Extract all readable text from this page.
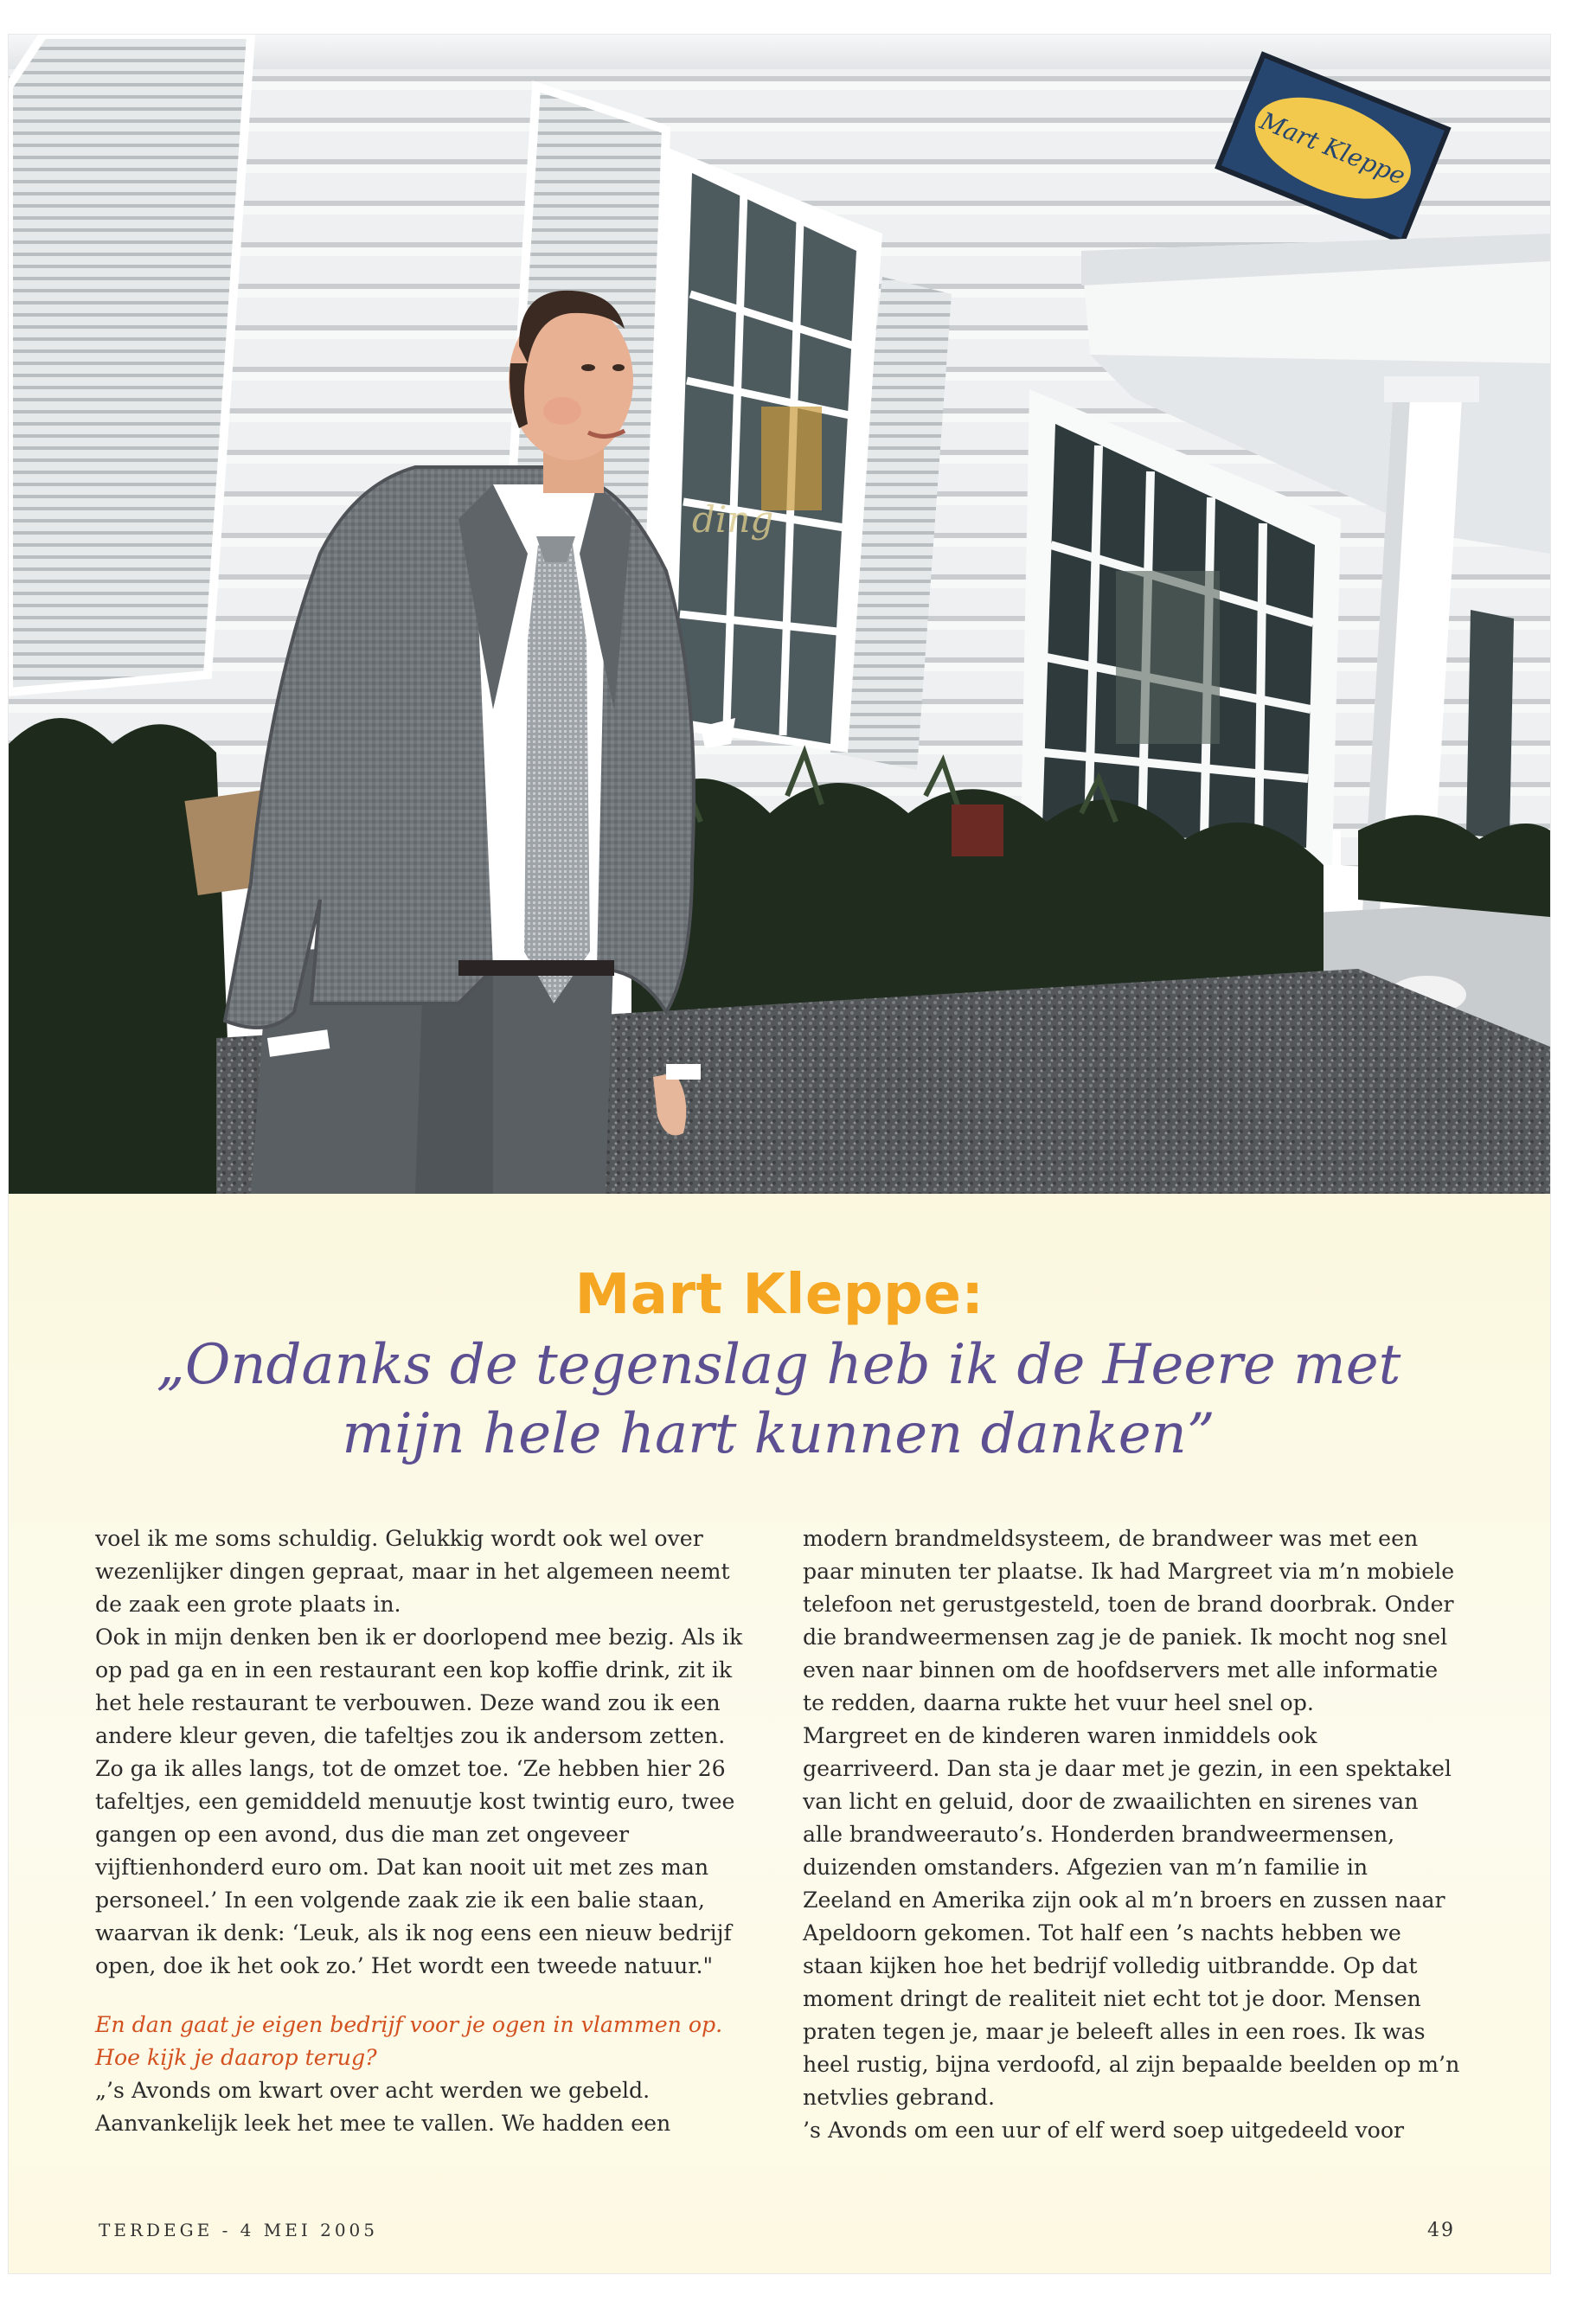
ding
Mart Kleppe
Mart Kleppe:
„Ondanks de tegenslag heb ik de Heere met
mijn hele hart kunnen danken”

voel ik me soms schuldig. Gelukkig wordt ook wel over wezenlijker dingen gepraat, maar in het algemeen neemt de zaak een grote plaats in.

Ook in mijn denken ben ik er doorlopend mee bezig. Als ik op pad ga en in een restaurant een kop koffie drink, zit ik het hele restaurant te verbouwen. Deze wand zou ik een andere kleur geven, die tafeltjes zou ik andersom zetten. Zo ga ik alles langs, tot de omzet toe. ‘Ze hebben hier 26 tafeltjes, een gemiddeld menuutje kost twintig euro, twee gangen op een avond, dus die man zet ongeveer vijftienhonderd euro om. Dat kan nooit uit met zes man personeel.’ In een volgende zaak zie ik een balie staan, waarvan ik denk: ‘Leuk, als ik nog eens een nieuw bedrijf open, doe ik het ook zo.’ Het wordt een tweede natuur."

En dan gaat je eigen bedrijf voor je ogen in vlammen op. Hoe kijk je daarop terug?

„’s Avonds om kwart over acht werden we gebeld. Aanvankelijk leek het mee te vallen. We hadden een

modern brandmeldsysteem, de brandweer was met een paar minuten ter plaatse. Ik had Margreet via m’n mobiele telefoon net gerustgesteld, toen de brand doorbrak. Onder die brandweermensen zag je de paniek. Ik mocht nog snel even naar binnen om de hoofdservers met alle informatie te redden, daarna rukte het vuur heel snel op.

Margreet en de kinderen waren inmiddels ook gearriveerd. Dan sta je daar met je gezin, in een spektakel van licht en geluid, door de zwaailichten en sirenes van alle brandweerauto’s. Honderden brandweermensen, duizenden omstanders. Afgezien van m’n familie in Zeeland en Amerika zijn ook al m’n broers en zussen naar Apeldoorn gekomen. Tot half een ’s nachts hebben we staan kijken hoe het bedrijf volledig uitbrandde. Op dat moment dringt de realiteit niet echt tot je door. Mensen praten tegen je, maar je beleeft alles in een roes. Ik was heel rustig, bijna verdoofd, al zijn bepaalde beelden op m’n netvlies gebrand.

’s Avonds om een uur of elf werd soep uitgedeeld voor

TERDEGE - 4 MEI 2005	49
